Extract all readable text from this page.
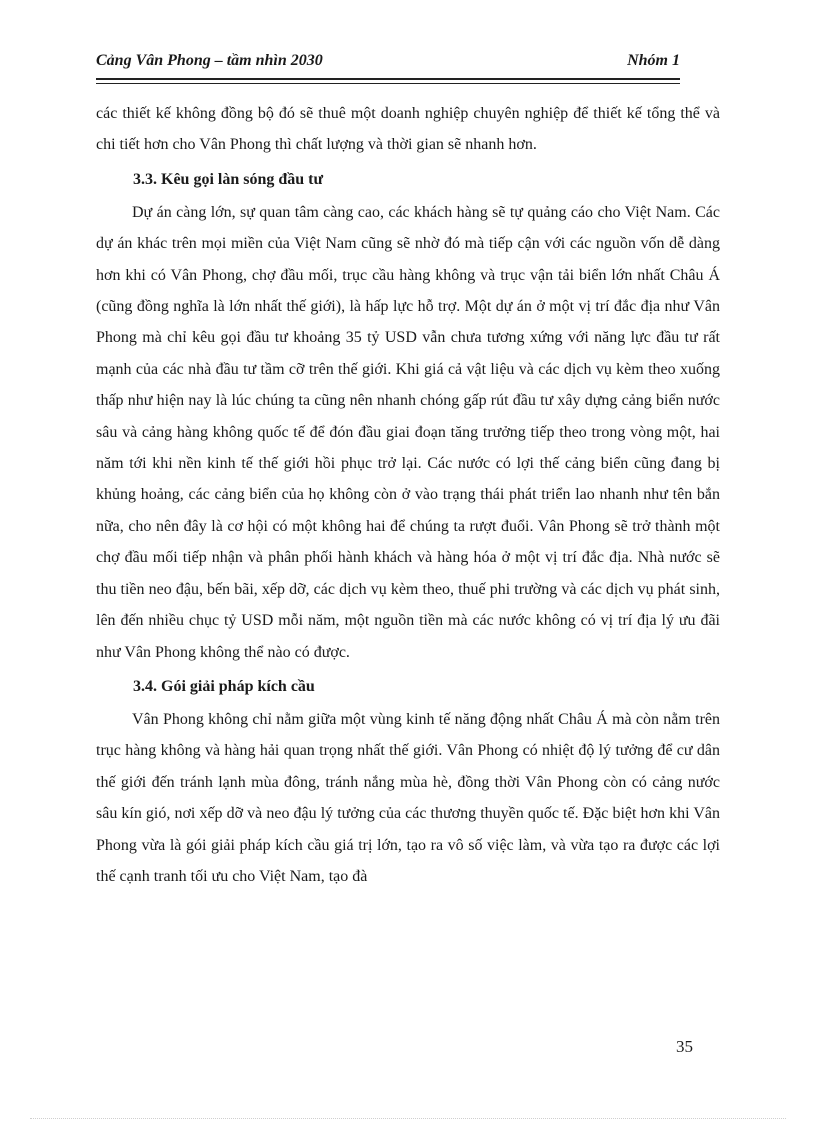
Cảng Vân Phong – tầm nhìn 2030	Nhóm 1

các thiết kế không đồng bộ đó sẽ thuê một doanh nghiệp chuyên nghiệp để thiết kế tổng thể và chi tiết hơn cho Vân Phong thì chất lượng và thời gian sẽ nhanh hơn.

3.3. Kêu gọi làn sóng đầu tư

Dự án càng lớn, sự quan tâm càng cao, các khách hàng sẽ tự quảng cáo cho Việt Nam. Các dự án khác trên mọi miền của Việt Nam cũng sẽ nhờ đó mà tiếp cận với các nguồn vốn dễ dàng hơn khi có Vân Phong, chợ đầu mối, trục cầu hàng không và trục vận tải biển lớn nhất Châu Á (cũng đồng nghĩa là lớn nhất thế giới), là hấp lực hỗ trợ. Một dự án ở một vị trí đắc địa như Vân Phong mà chỉ kêu gọi đầu tư khoảng 35 tỷ USD vẫn chưa tương xứng với năng lực đầu tư rất mạnh của các nhà đầu tư tầm cỡ trên thế giới. Khi giá cả vật liệu và các dịch vụ kèm theo xuống thấp như hiện nay là lúc chúng ta cũng nên nhanh chóng gấp rút đầu tư xây dựng cảng biển nước sâu và cảng hàng không quốc tế để đón đầu giai đoạn tăng trưởng tiếp theo trong vòng một, hai năm tới khi nền kinh tế thế giới hồi phục trở lại. Các nước có lợi thế cảng biển cũng đang bị khủng hoảng, các cảng biển của họ không còn ở vào trạng thái phát triển lao nhanh như tên bắn nữa, cho nên đây là cơ hội có một không hai để chúng ta rượt đuổi. Vân Phong sẽ trở thành một chợ đầu mối tiếp nhận và phân phối hành khách và hàng hóa ở một vị trí đắc địa. Nhà nước sẽ thu tiền neo đậu, bến bãi, xếp dỡ, các dịch vụ kèm theo, thuế phi trường và các dịch vụ phát sinh, lên đến nhiều chục tỷ USD mỗi năm, một nguồn tiền mà các nước không có vị trí địa lý ưu đãi như Vân Phong không thể nào có được.

3.4. Gói giải pháp kích cầu

Vân Phong không chỉ nằm giữa một vùng kinh tế năng động nhất Châu Á mà còn nằm trên trục hàng không và hàng hải quan trọng nhất thế giới. Vân Phong có nhiệt độ lý tưởng để cư dân thế giới đến tránh lạnh mùa đông, tránh nắng mùa hè, đồng thời Vân Phong còn có cảng nước sâu kín gió, nơi xếp dỡ và neo đậu lý tưởng của các thương thuyền quốc tế. Đặc biệt hơn khi Vân Phong vừa là gói giải pháp kích cầu giá trị lớn, tạo ra vô số việc làm, và vừa tạo ra được các lợi thế cạnh tranh tối ưu cho Việt Nam, tạo đà

35
